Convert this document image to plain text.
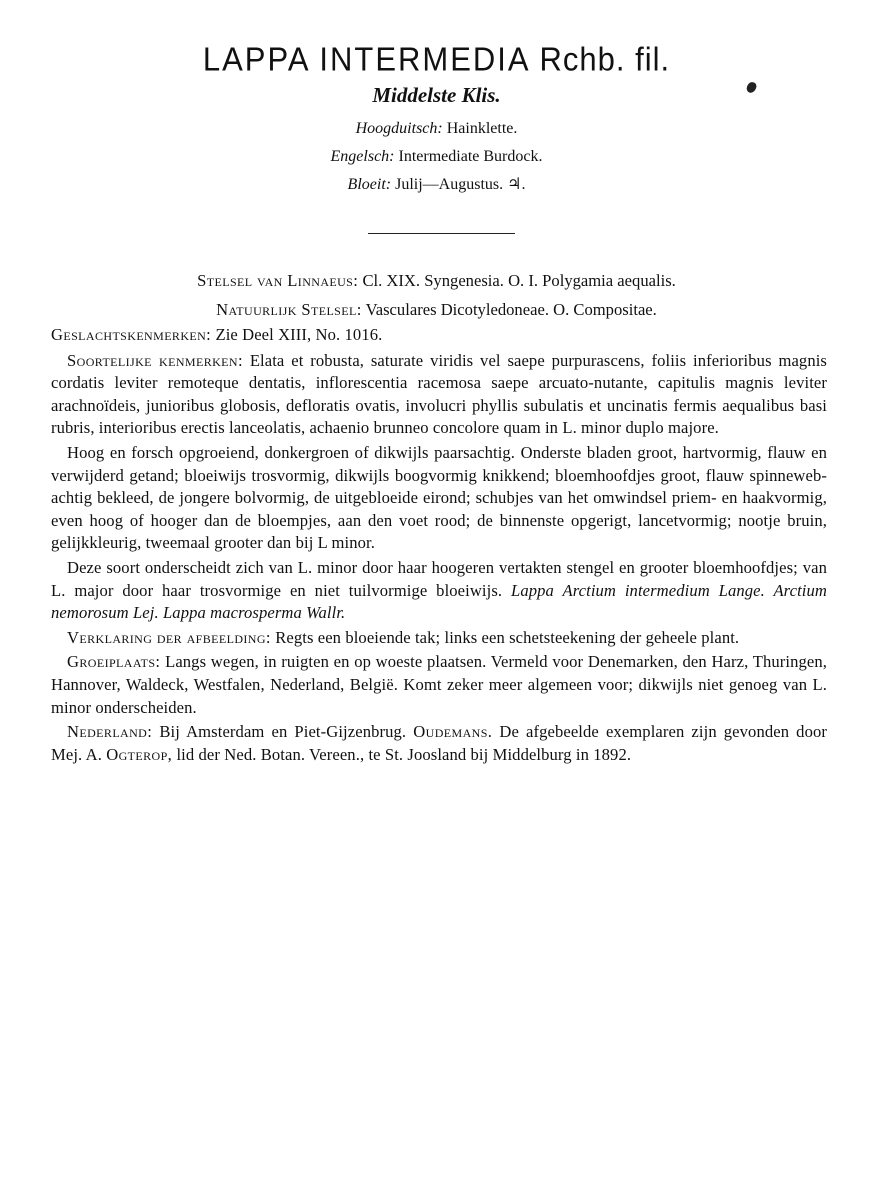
LAPPA INTERMEDIA Rchb. fil.
Middelste Klis.
Hoogduitsch: Hainklette.
Engelsch: Intermediate Burdock.
Bloeit: Julij—Augustus. ♃.
Stelsel van Linnaeus: Cl. XIX. Syngenesia. O. I. Polygamia aequalis.
Natuurlijk Stelsel: Vasculares Dicotyledoneae. O. Compositae.

Geslachtskenmerken: Zie Deel XIII, No. 1016.

Soortelijke kenmerken: Elata et robusta, saturate viridis vel saepe purpurascens, foliis inferioribus magnis cordatis leviter remoteque dentatis, inflorescentia racemosa saepe arcuato-nutante, capitulis magnis leviter arachnoïdeis, junioribus globosis, defloratis ovatis, involucri phyllis subulatis et uncinatis fermis aequalibus basi rubris, interioribus erectis lanceolatis, achaenio brunneo concolore quam in L. minor duplo majore.

Hoog en forsch opgroeiend, donkergroen of dikwijls paarsachtig. Onderste bladen groot, hartvormig, flauw en verwijderd getand; bloeiwijs trosvormig, dikwijls boogvormig knikkend; bloemhoofdjes groot, flauw spinneweb-achtig bekleed, de jongere bolvormig, de uitgebloeide eirond; schubjes van het omwindsel priem- en haakvormig, even hoog of hooger dan de bloempjes, aan den voet rood; de binnenste opgerigt, lancetvormig; nootje bruin, gelijkkleurig, tweemaal grooter dan bij L minor.

Deze soort onderscheidt zich van L. minor door haar hoogeren vertakten stengel en grooter bloemhoofdjes; van L. major door haar trosvormige en niet tuilvormige bloeiwijs. Lappa Arctium intermedium Lange. Arctium nemorosum Lej. Lappa macrosperma Wallr.

Verklaring der afbeelding: Regts een bloeiende tak; links een schetsteekening der geheele plant.

Groeiplaats: Langs wegen, in ruigten en op woeste plaatsen. Vermeld voor Denemarken, den Harz, Thuringen, Hannover, Waldeck, Westfalen, Nederland, België. Komt zeker meer algemeen voor; dikwijls niet genoeg van L. minor onderscheiden.

Nederland: Bij Amsterdam en Piet-Gijzenbrug. Oudemans. De afgebeelde exemplaren zijn gevonden door Mej. A. Ogterop, lid der Ned. Botan. Vereen., te St. Joosland bij Middelburg in 1892.
